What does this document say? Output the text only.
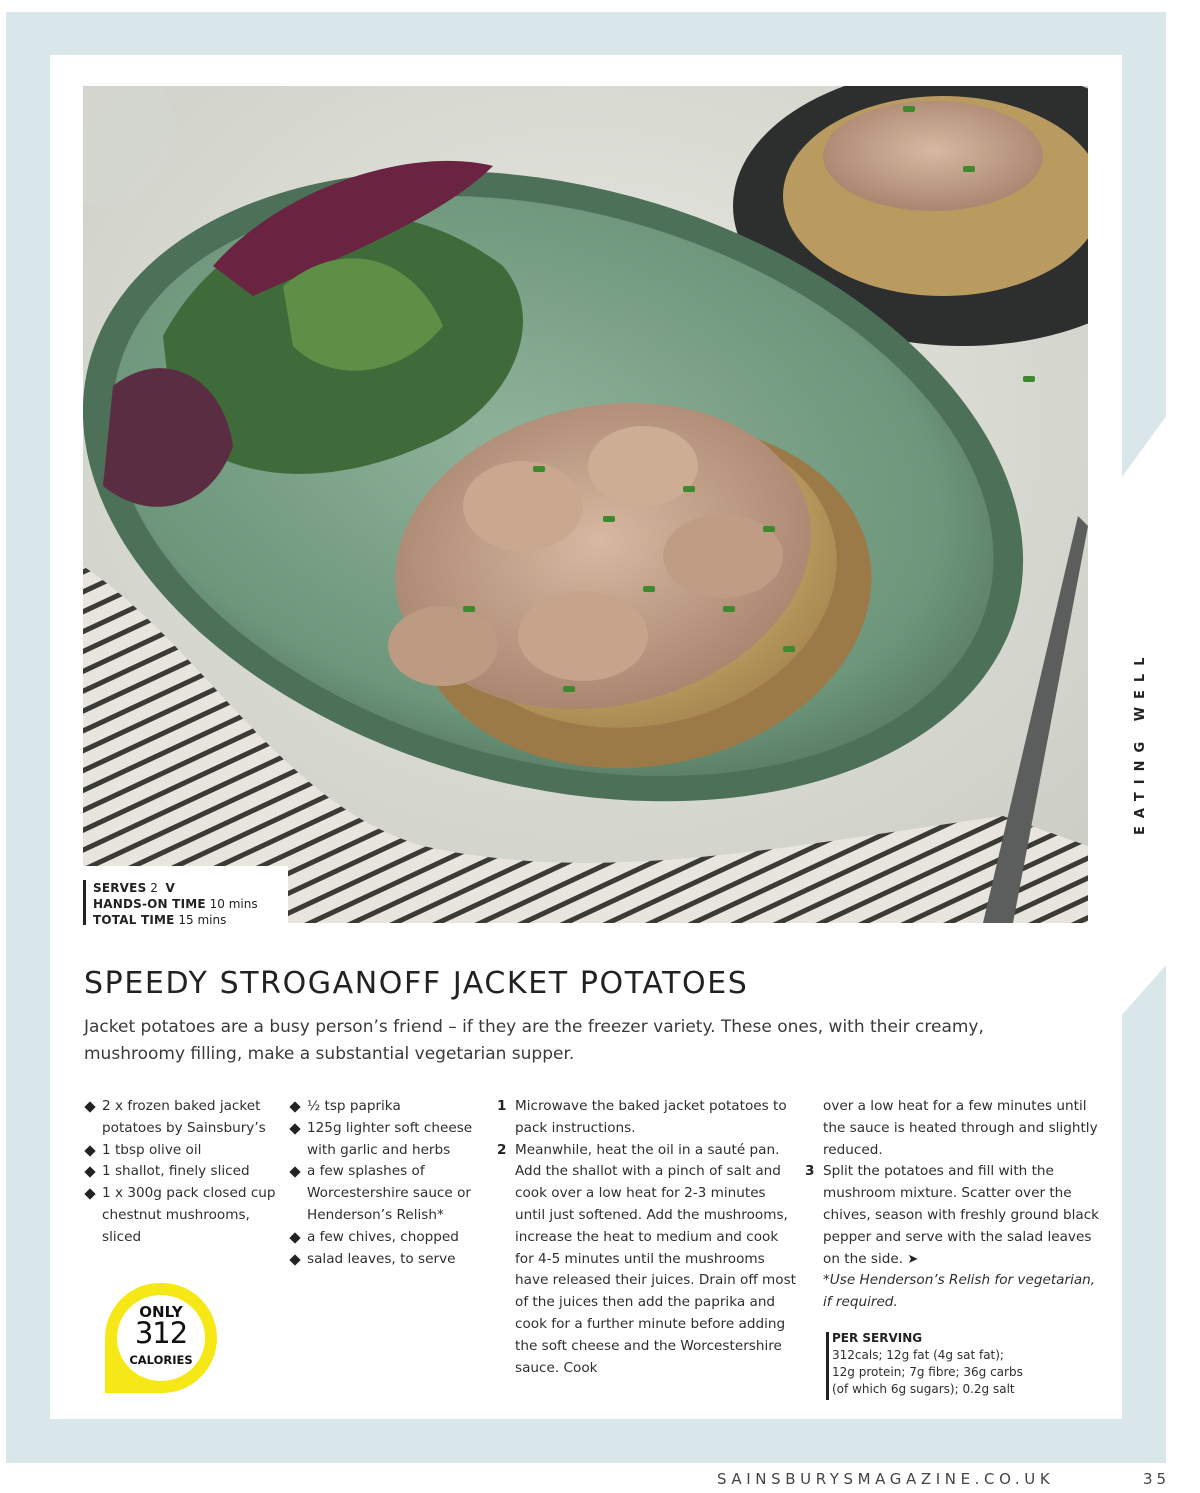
SERVES 2 V
HANDS-ON TIME 10 mins
TOTAL TIME 15 mins
EATING WELL
SPEEDY STROGANOFF JACKET POTATOES

Jacket potatoes are a busy person’s friend – if they are the freezer variety. These ones, with their creamy, mushroomy filling, make a substantial vegetarian supper.

2 x frozen baked jacket potatoes by Sainsbury’s
1 tbsp olive oil
1 shallot, finely sliced
1 x 300g pack closed cup chestnut mushrooms, sliced
½ tsp paprika
125g lighter soft cheese with garlic and herbs
a few splashes of Worcestershire sauce or Henderson’s Relish*
a few chives, chopped
salad leaves, to serve
1 Microwave the baked jacket potatoes to pack instructions.
2 Meanwhile, heat the oil in a sauté pan. Add the shallot with a pinch of salt and cook over a low heat for 2-3 minutes until just softened. Add the mushrooms, increase the heat to medium and cook for 4-5 minutes until the mushrooms have released their juices. Drain off most of the juices then add the paprika and cook for a further minute before adding the soft cheese and the Worcestershire sauce. Cook
over a low heat for a few minutes until the sauce is heated through and slightly reduced.
3 Split the potatoes and fill with the mushroom mixture. Scatter over the chives, season with freshly ground black pepper and serve with the salad leaves on the side. ➤
*Use Henderson’s Relish for vegetarian, if required.
PER SERVING
312cals; 12g fat (4g sat fat);
12g protein; 7g fibre; 36g carbs
(of which 6g sugars); 0.2g salt
ONLY
312
CALORIES
SAINSBURYSMAGAZINE.CO.UK	35
